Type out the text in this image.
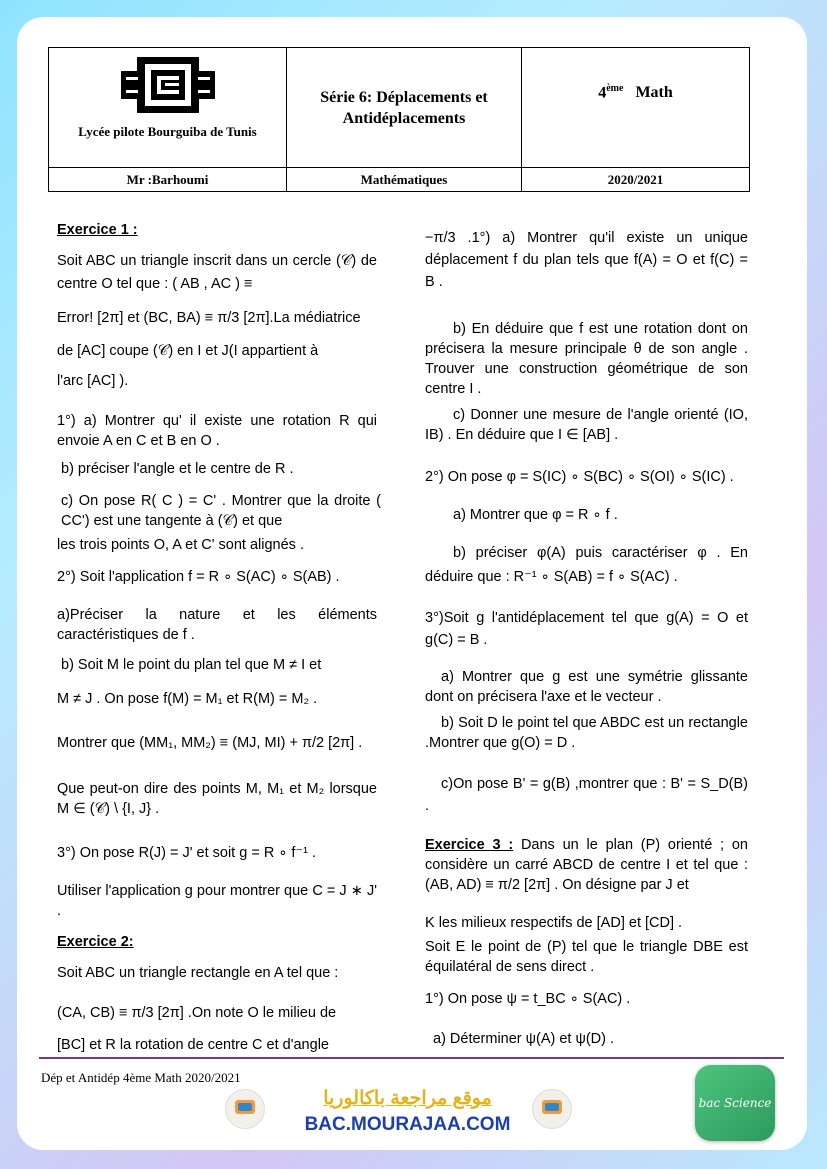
Lycée pilote Bourguiba de Tunis	Série 6: Déplacements et Antidéplacements	4ème Math
Mr :Barhoumi	Mathématiques	2020/2021
Exercice 1 :
Soit ABC un triangle inscrit dans un cercle (𝒞) de centre O tel que : ( AB , AC ) ≡
Error! [2π] et (BC, BA) ≡ π/3 [2π].La médiatrice
de [AC] coupe (𝒞) en I et J(I appartient à
l'arc [AC] ).
1°) a) Montrer qu' il existe une rotation R qui envoie A en C et B en O .
b) préciser l'angle et le centre de R .
c) On pose R( C ) = C' . Montrer que la droite ( CC') est une tangente à (𝒞) et que
les trois points O, A et C' sont alignés .
2°) Soit l'application f = R ∘ S(AC) ∘ S(AB) .
a)Préciser la nature et les éléments caractéristiques de f .
b) Soit M le point du plan tel que M ≠ I et
M ≠ J . On pose f(M) = M₁ et R(M) = M₂ .
Montrer que (MM₁, MM₂) ≡ (MJ, MI) + π/2 [2π] .
Que peut-on dire des points M, M₁ et M₂ lorsque M ∈ (𝒞) \ {I, J} .
3°) On pose R(J) = J' et soit g = R ∘ f⁻¹ .
Utiliser l'application g pour montrer que C = J ∗ J' .
Exercice 2:
Soit ABC un triangle rectangle en A tel que :
(CA, CB) ≡ π/3 [2π] .On note O le milieu de
[BC] et R la rotation de centre C et d'angle
−π/3 .1°) a) Montrer qu'il existe un unique déplacement f du plan tels que f(A) = O et f(C) = B .
b) En déduire que f est une rotation dont on précisera la mesure principale θ de son angle . Trouver une construction géométrique de son centre I .
c) Donner une mesure de l'angle orienté (IO, IB) . En déduire que I ∈ [AB] .
2°) On pose φ = S(IC) ∘ S(BC) ∘ S(OI) ∘ S(IC) .
a) Montrer que φ = R ∘ f .
b) préciser φ(A) puis caractériser φ . En déduire que : R⁻¹ ∘ S(AB) = f ∘ S(AC) .
3°)Soit g l'antidéplacement tel que g(A) = O et g(C) = B .
a) Montrer que g est une symétrie glissante dont on précisera l'axe et le vecteur .
b) Soit D le point tel que ABDC est un rectangle .Montrer que g(O) = D .
c)On pose B' = g(B) ,montrer que : B' = S_D(B) .
Exercice 3 : Dans un le plan (P) orienté ; on considère un carré ABCD de centre I et tel que : (AB, AD) ≡ π/2 [2π] . On désigne par J et
K les milieux respectifs de [AD] et [CD] .
Soit E le point de (P) tel que le triangle DBE est équilatéral de sens direct .
1°) On pose ψ = t_BC ∘ S(AC) .
a) Déterminer ψ(A) et ψ(D) .
Dép et Antidép 4ème Math 2020/2021
موقع مراجعة باكالوريا
BAC.MOURAJAA.COM
bac Science
